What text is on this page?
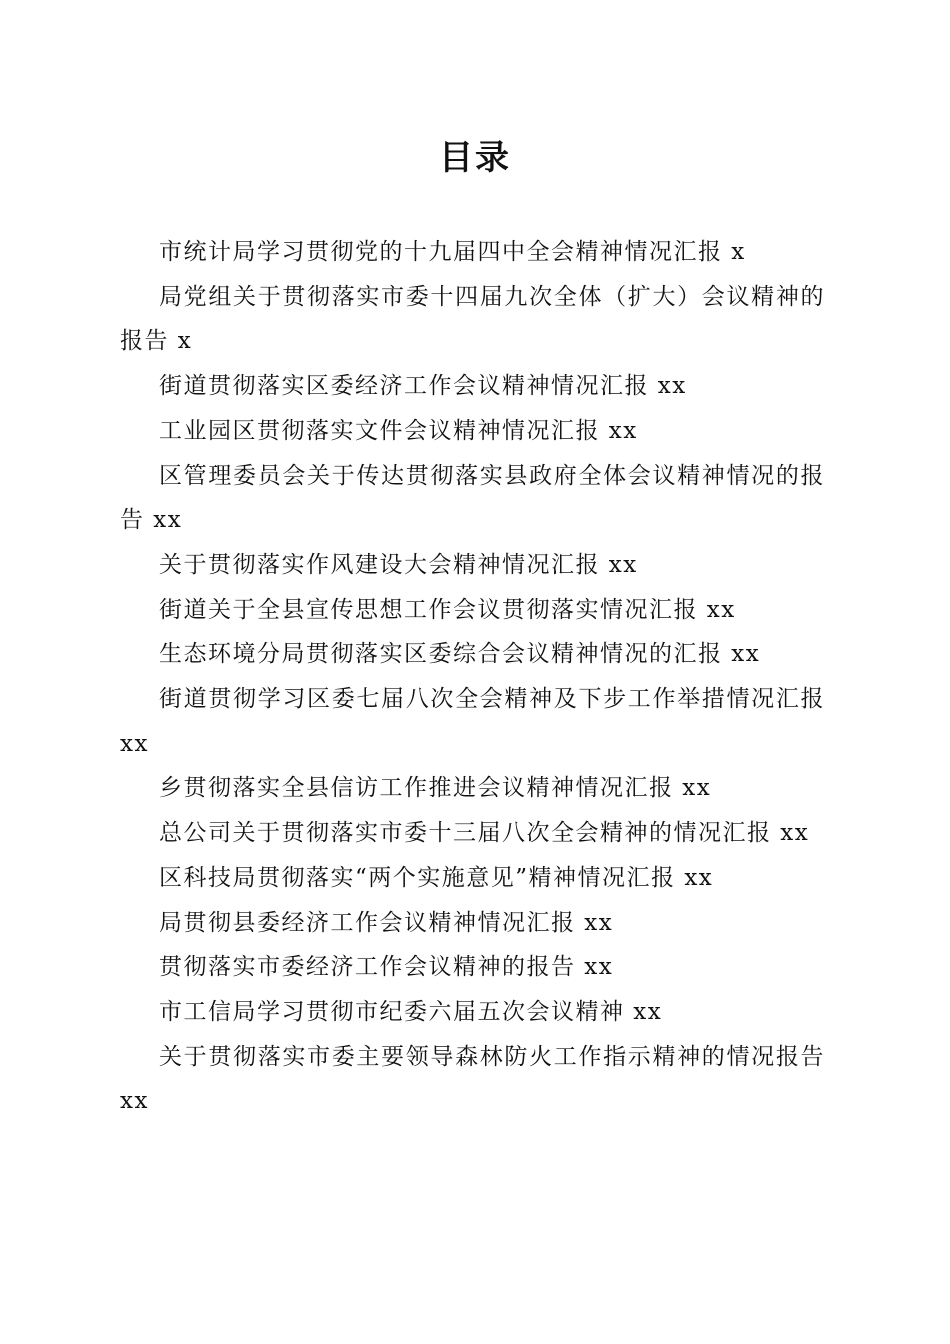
目录
市统计局学习贯彻党的十九届四中全会精神情况汇报 x
局党组关于贯彻落实市委十四届九次全体（扩大）会议精神的报告 x
街道贯彻落实区委经济工作会议精神情况汇报 xx
工业园区贯彻落实文件会议精神情况汇报 xx
区管理委员会关于传达贯彻落实县政府全体会议精神情况的报告 xx
关于贯彻落实作风建设大会精神情况汇报 xx
街道关于全县宣传思想工作会议贯彻落实情况汇报 xx
生态环境分局贯彻落实区委综合会议精神情况的汇报 xx
街道贯彻学习区委七届八次全会精神及下步工作举措情况汇报 xx
乡贯彻落实全县信访工作推进会议精神情况汇报 xx
总公司关于贯彻落实市委十三届八次全会精神的情况汇报 xx
区科技局贯彻落实“两个实施意见”精神情况汇报 xx
局贯彻县委经济工作会议精神情况汇报 xx
贯彻落实市委经济工作会议精神的报告 xx
市工信局学习贯彻市纪委六届五次会议精神 xx
关于贯彻落实市委主要领导森林防火工作指示精神的情况报告 xx
